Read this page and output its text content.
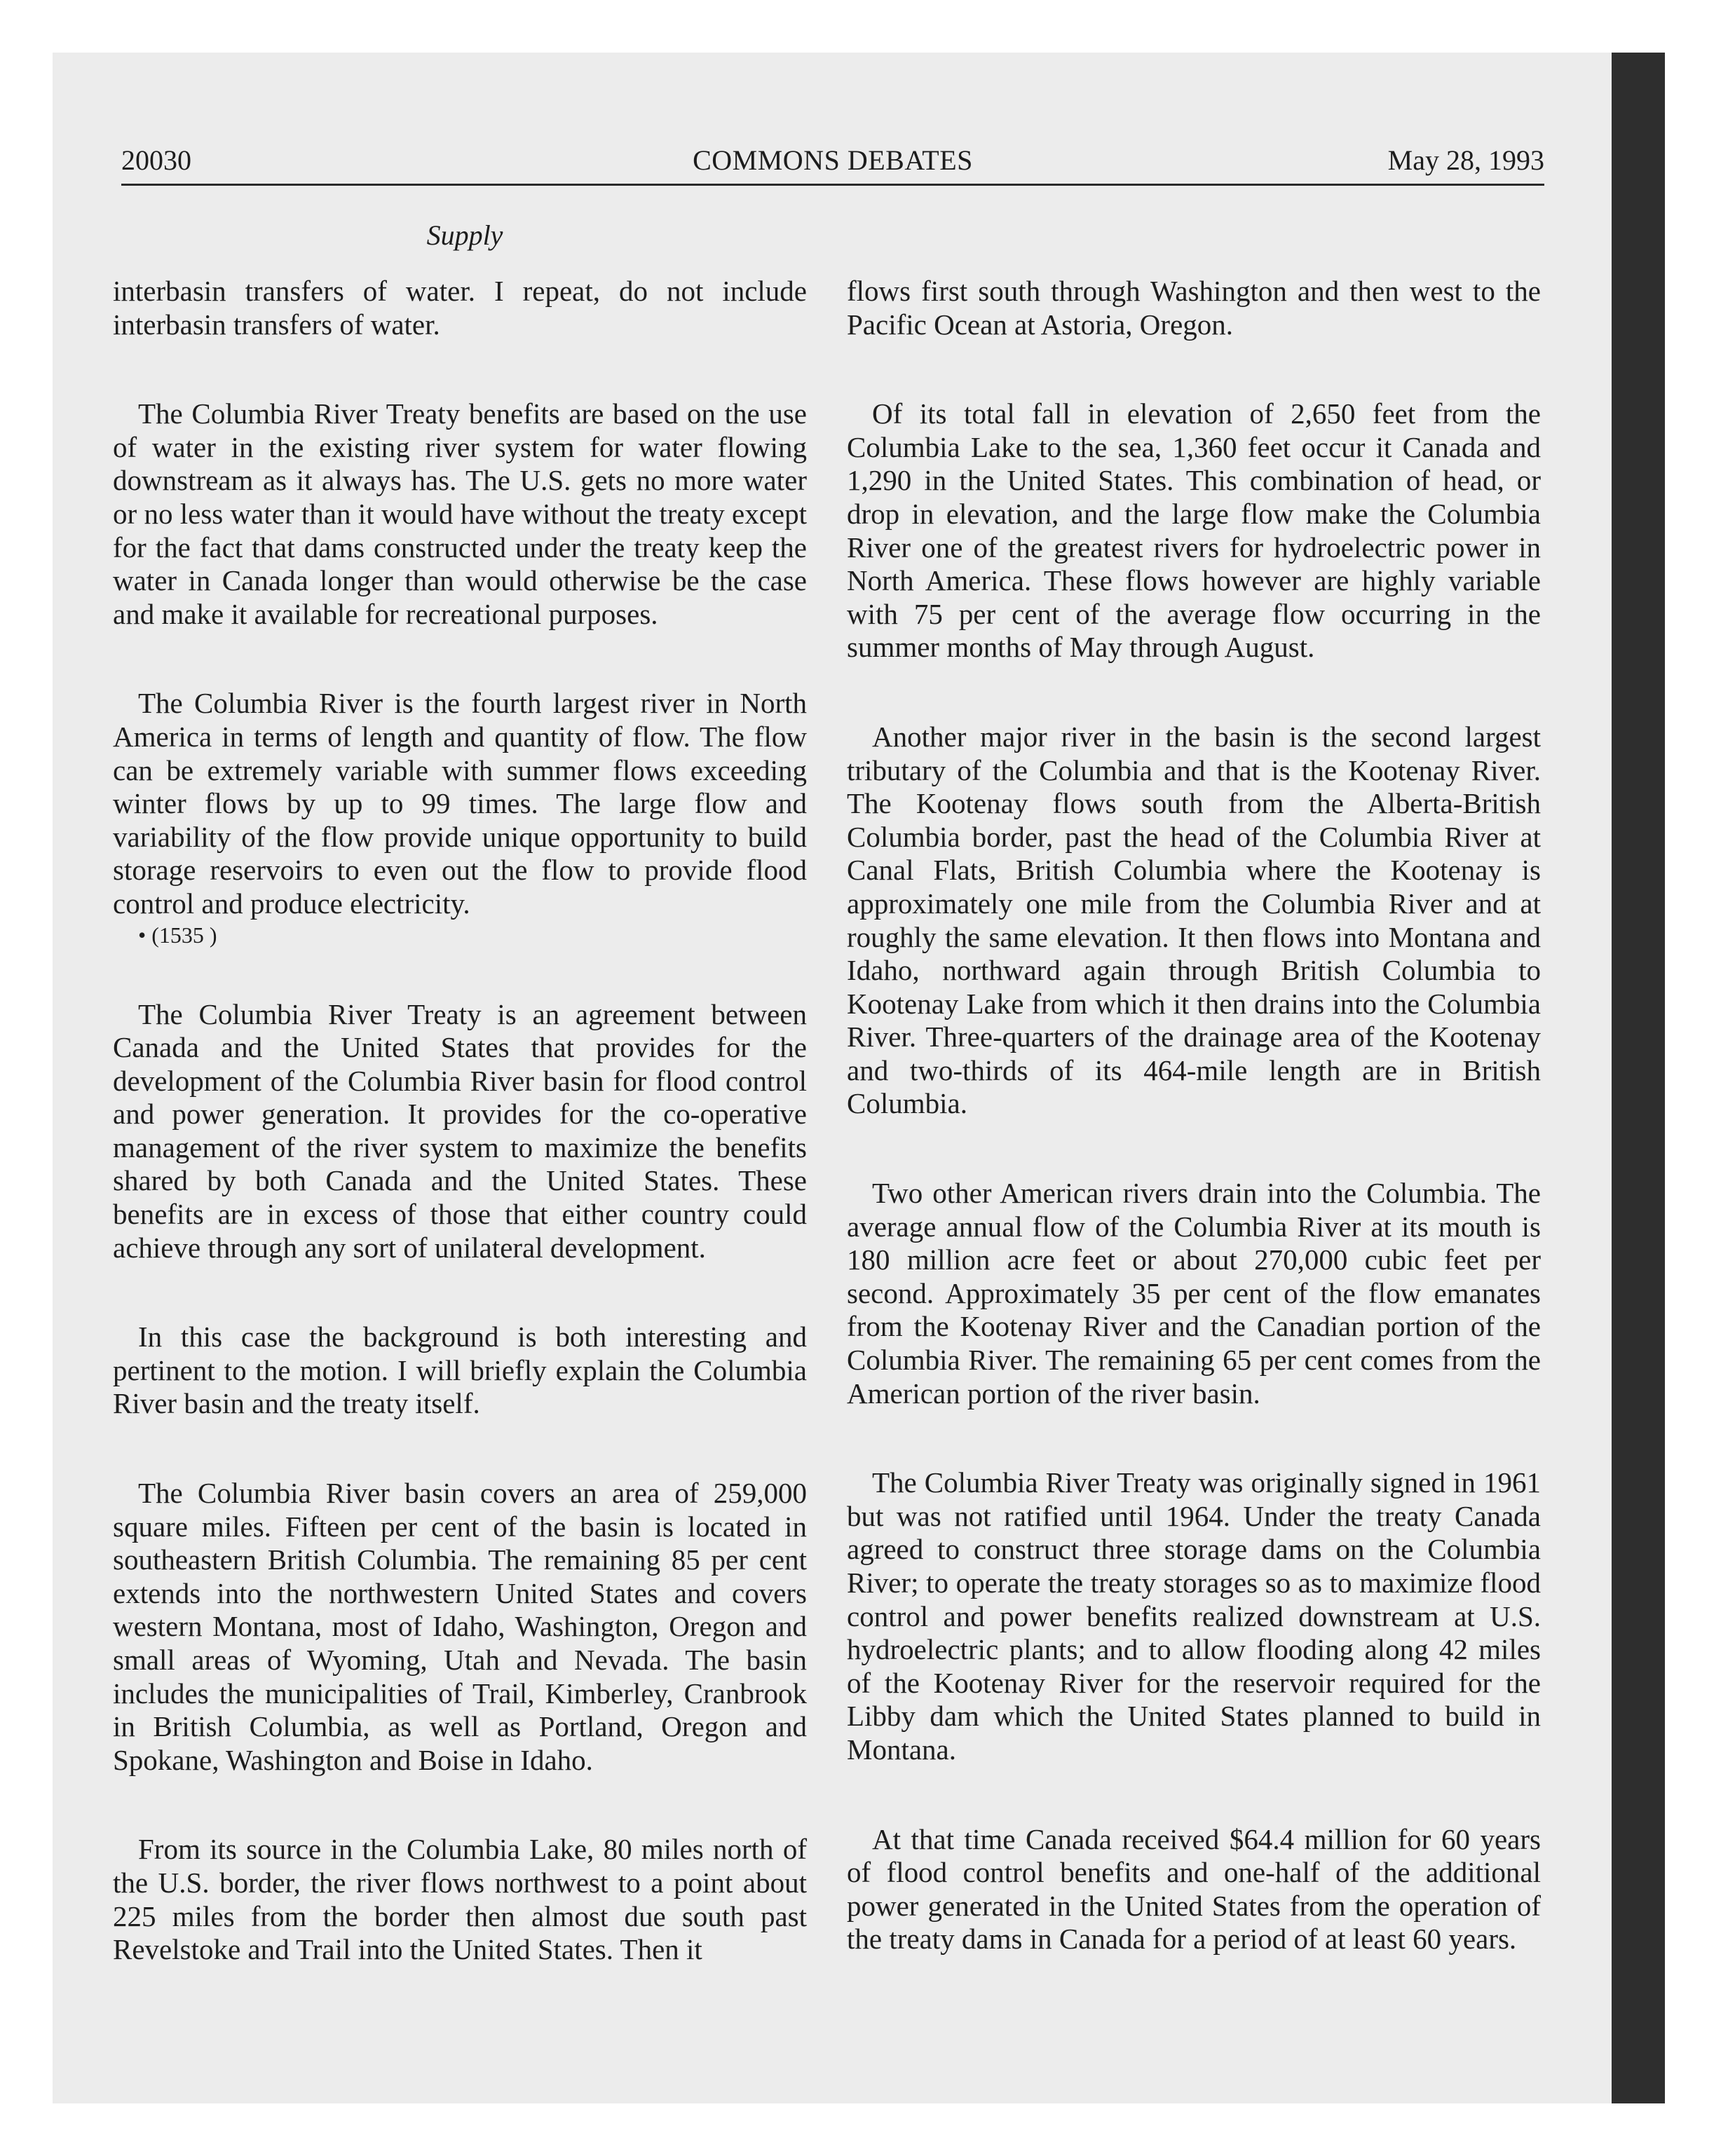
20030	COMMONS DEBATES	May 28, 1993
Supply

interbasin transfers of water. I repeat, do not include interbasin transfers of water.

The Columbia River Treaty benefits are based on the use of water in the existing river system for water flowing downstream as it always has. The U.S. gets no more water or no less water than it would have without the treaty except for the fact that dams constructed under the treaty keep the water in Canada longer than would otherwise be the case and make it available for recreational purposes.

The Columbia River is the fourth largest river in North America in terms of length and quantity of flow. The flow can be extremely variable with summer flows exceeding winter flows by up to 99 times. The large flow and variability of the flow provide unique opportunity to build storage reservoirs to even out the flow to provide flood control and produce electricity.

• (1535 )

The Columbia River Treaty is an agreement between Canada and the United States that provides for the development of the Columbia River basin for flood control and power generation. It provides for the co-operative management of the river system to maximize the benefits shared by both Canada and the United States. These benefits are in excess of those that either country could achieve through any sort of unilateral development.

In this case the background is both interesting and pertinent to the motion. I will briefly explain the Columbia River basin and the treaty itself.

The Columbia River basin covers an area of 259,000 square miles. Fifteen per cent of the basin is located in southeastern British Columbia. The remaining 85 per cent extends into the northwestern United States and covers western Montana, most of Idaho, Washington, Oregon and small areas of Wyoming, Utah and Nevada. The basin includes the municipalities of Trail, Kimberley, Cranbrook in British Columbia, as well as Portland, Oregon and Spokane, Washington and Boise in Idaho.

From its source in the Columbia Lake, 80 miles north of the U.S. border, the river flows northwest to a point about 225 miles from the border then almost due south past Revelstoke and Trail into the United States. Then it

flows first south through Washington and then west to the Pacific Ocean at Astoria, Oregon.

Of its total fall in elevation of 2,650 feet from the Columbia Lake to the sea, 1,360 feet occur it Canada and 1,290 in the United States. This combination of head, or drop in elevation, and the large flow make the Columbia River one of the greatest rivers for hydroelectric power in North America. These flows however are highly variable with 75 per cent of the average flow occurring in the summer months of May through August.

Another major river in the basin is the second largest tributary of the Columbia and that is the Kootenay River. The Kootenay flows south from the Alberta-British Columbia border, past the head of the Columbia River at Canal Flats, British Columbia where the Kootenay is approximately one mile from the Columbia River and at roughly the same elevation. It then flows into Montana and Idaho, northward again through British Columbia to Kootenay Lake from which it then drains into the Columbia River. Three-quarters of the drainage area of the Kootenay and two-thirds of its 464-mile length are in British Columbia.

Two other American rivers drain into the Columbia. The average annual flow of the Columbia River at its mouth is 180 million acre feet or about 270,000 cubic feet per second. Approximately 35 per cent of the flow emanates from the Kootenay River and the Canadian portion of the Columbia River. The remaining 65 per cent comes from the American portion of the river basin.

The Columbia River Treaty was originally signed in 1961 but was not ratified until 1964. Under the treaty Canada agreed to construct three storage dams on the Columbia River; to operate the treaty storages so as to maximize flood control and power benefits realized downstream at U.S. hydroelectric plants; and to allow flooding along 42 miles of the Kootenay River for the reservoir required for the Libby dam which the United States planned to build in Montana.

At that time Canada received $64.4 million for 60 years of flood control benefits and one-half of the additional power generated in the United States from the operation of the treaty dams in Canada for a period of at least 60 years.
